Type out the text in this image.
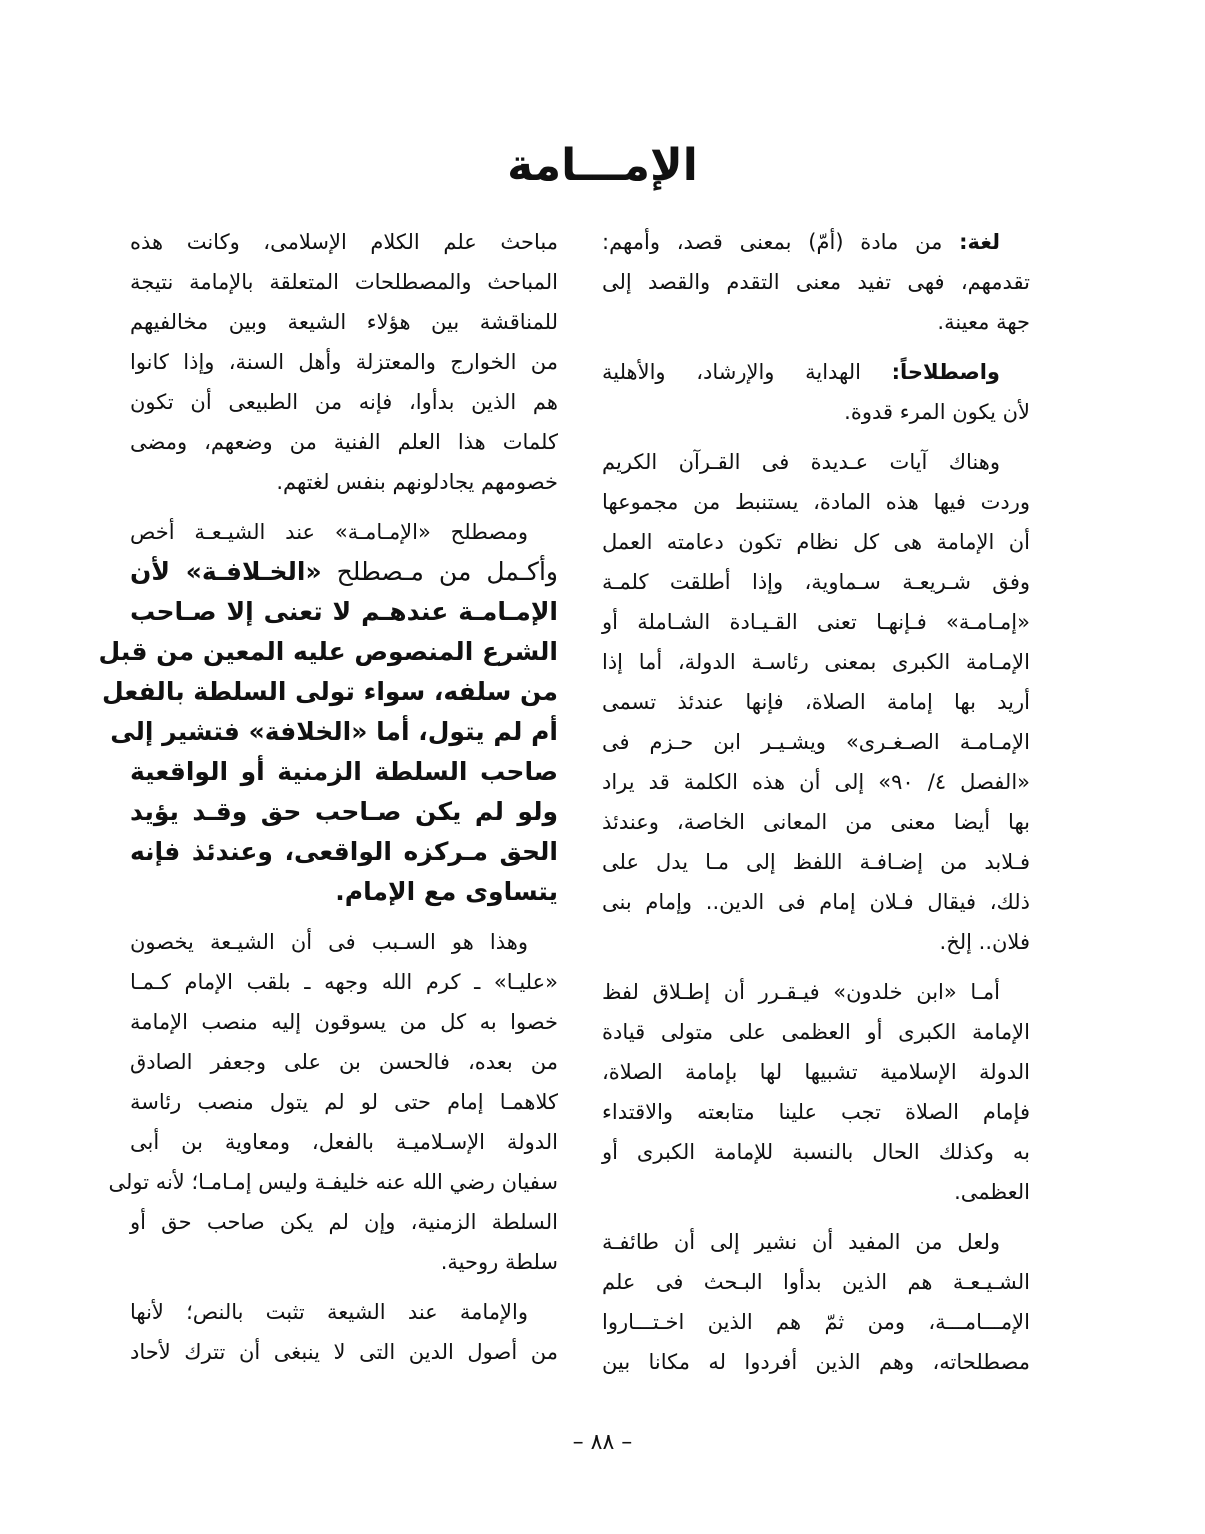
الإمـــامة
لغة: من مادة (أمّ) بمعنى قصد، وأمهم:
تقدمهم، فهى تفيد معنى التقدم والقصد إلى
جهة معينة.
واصطلاحاً: الهداية والإرشاد، والأهلية
لأن يكون المرء قدوة.
وهناك آيات عـديدة فى القـرآن الكريم
وردت فيها هذه المادة، يستنبط من مجموعها
أن الإمامة هى كل نظام تكون دعامته العمل
وفق شـريعـة سـماوية، وإذا أطلقت كلمـة
«إمـامـة» فـإنهـا تعنى القـيـادة الشـاملة أو
الإمـامة الكبرى بمعنى رئاسـة الدولة، أما إذا
أريد بها إمامة الصلاة، فإنها عندئذ تسمى
الإمـامـة الصـغـرى» ويشـيـر ابن حـزم فى
«الفصل ٤/ ٩٠» إلى أن هذه الكلمة قد يراد
بها أيضا معنى من المعانى الخاصة، وعندئذ
فـلابد من إضـافـة اللفظ إلى مـا يدل على
ذلك، فيقال فـلان إمام فى الدين.. وإمام بنى
فلان.. إلخ.
أمـا «ابن خلدون» فيـقـرر أن إطـلاق لفظ
الإمامة الكبرى أو العظمى على متولى قيادة
الدولة الإسلامية تشبيها لها بإمامة الصلاة،
فإمام الصلاة تجب علينا متابعته والاقتداء
به وكذلك الحال بالنسبة للإمامة الكبرى أو
العظمى.
ولعل من المفيد أن نشير إلى أن طائفـة
الشـيـعـة هم الذين بدأوا البـحث فى علم
الإمـــامـــة، ومن ثمّ هم الذين اخـتـــاروا
مصطلحاته، وهم الذين أفردوا له مكانا بين
مباحث علم الكلام الإسلامى، وكانت هذه
المباحث والمصطلحات المتعلقة بالإمامة نتيجة
للمناقشة بين هؤلاء الشيعة وبين مخالفيهم
من الخوارج والمعتزلة وأهل السنة، وإذا كانوا
هم الذين بدأوا، فإنه من الطبيعى أن تكون
كلمات هذا العلم الفنية من وضعهم، ومضى
خصومهم يجادلونهم بنفس لغتهم.
ومصطلح «الإمـامـة» عند الشيـعـة أخص
وأكـمل من مـصطلح «الخـلافـة» لأن
الإمـامـة عندهـم لا تعنى إلا صـاحب
الشرع المنصوص عليه المعين من قبل
من سلفه، سواء تولى السلطة بالفعل
أم لم يتول، أما «الخلافة» فتشير إلى
صاحب السلطة الزمنية أو الواقعية
ولو لم يكن صـاحب حق وقـد يؤيد
الحق مـركزه الواقعى، وعندئذ فإنه
يتساوى مع الإمام.
وهذا هو السـبب فى أن الشيـعة يخصون
«عليـا» ـ كرم الله وجهه ـ بلقب الإمام كـمـا
خصوا به كل من يسوقون إليه منصب الإمامة
من بعده، فالحسن بن على وجعفر الصادق
كلاهمـا إمام حتى لو لم يتول منصب رئاسة
الدولة الإسـلاميـة بالفعل، ومعاوية بن أبى
سفيان رضي الله عنه خليفـة وليس إمـامـا؛ لأنه تولى
السلطة الزمنية، وإن لم يكن صاحب حق أو
سلطة روحية.
والإمامة عند الشيعة تثبت بالنص؛ لأنها
من أصول الدين التى لا ينبغى أن تترك لأحاد
– ٨٨ –
